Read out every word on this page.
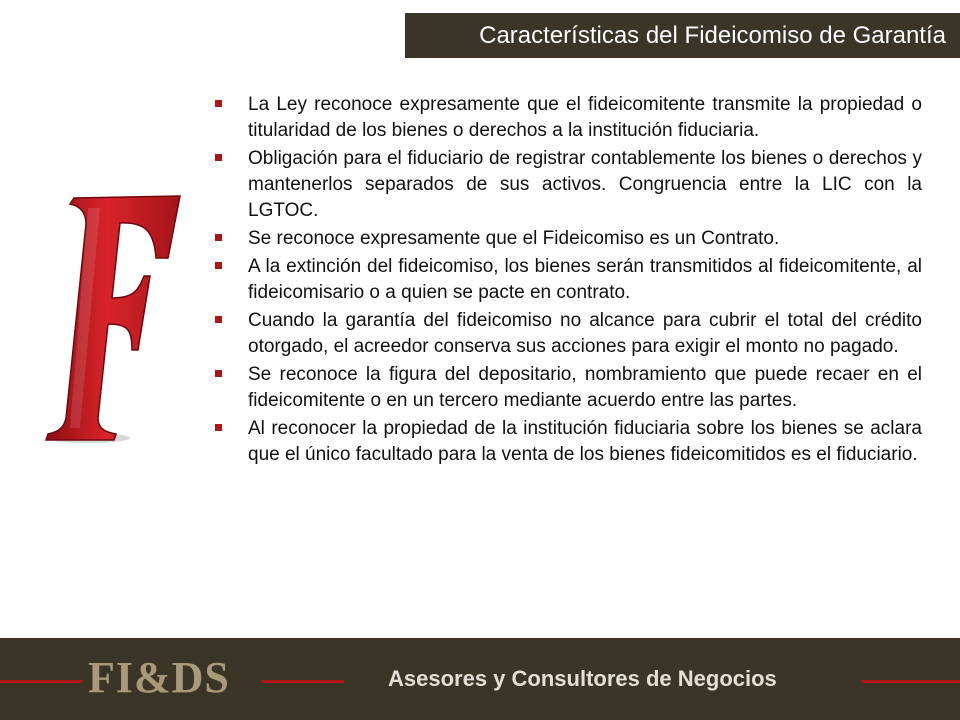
Características del Fideicomiso de Garantía
La Ley reconoce expresamente que el fideicomitente transmite la propiedad o titularidad de los bienes o derechos a la institución fiduciaria.
Obligación para el fiduciario de registrar contablemente los bienes o derechos y mantenerlos separados de sus activos. Congruencia entre la LIC con la LGTOC.
Se reconoce expresamente que el Fideicomiso es un Contrato.
A la extinción del fideicomiso, los bienes serán transmitidos al fideicomitente, al fideicomisario o a quien se pacte en contrato.
Cuando la garantía del fideicomiso no alcance para cubrir el total del crédito otorgado, el acreedor conserva sus acciones para exigir el monto no pagado.
Se reconoce la figura del depositario, nombramiento que puede recaer en el fideicomitente o en un tercero mediante acuerdo entre las partes.
Al reconocer la propiedad de la institución fiduciaria sobre los bienes se aclara que el único facultado para la venta de los bienes fideicomitidos es el fiduciario.
FI&DS	Asesores y Consultores de Negocios
